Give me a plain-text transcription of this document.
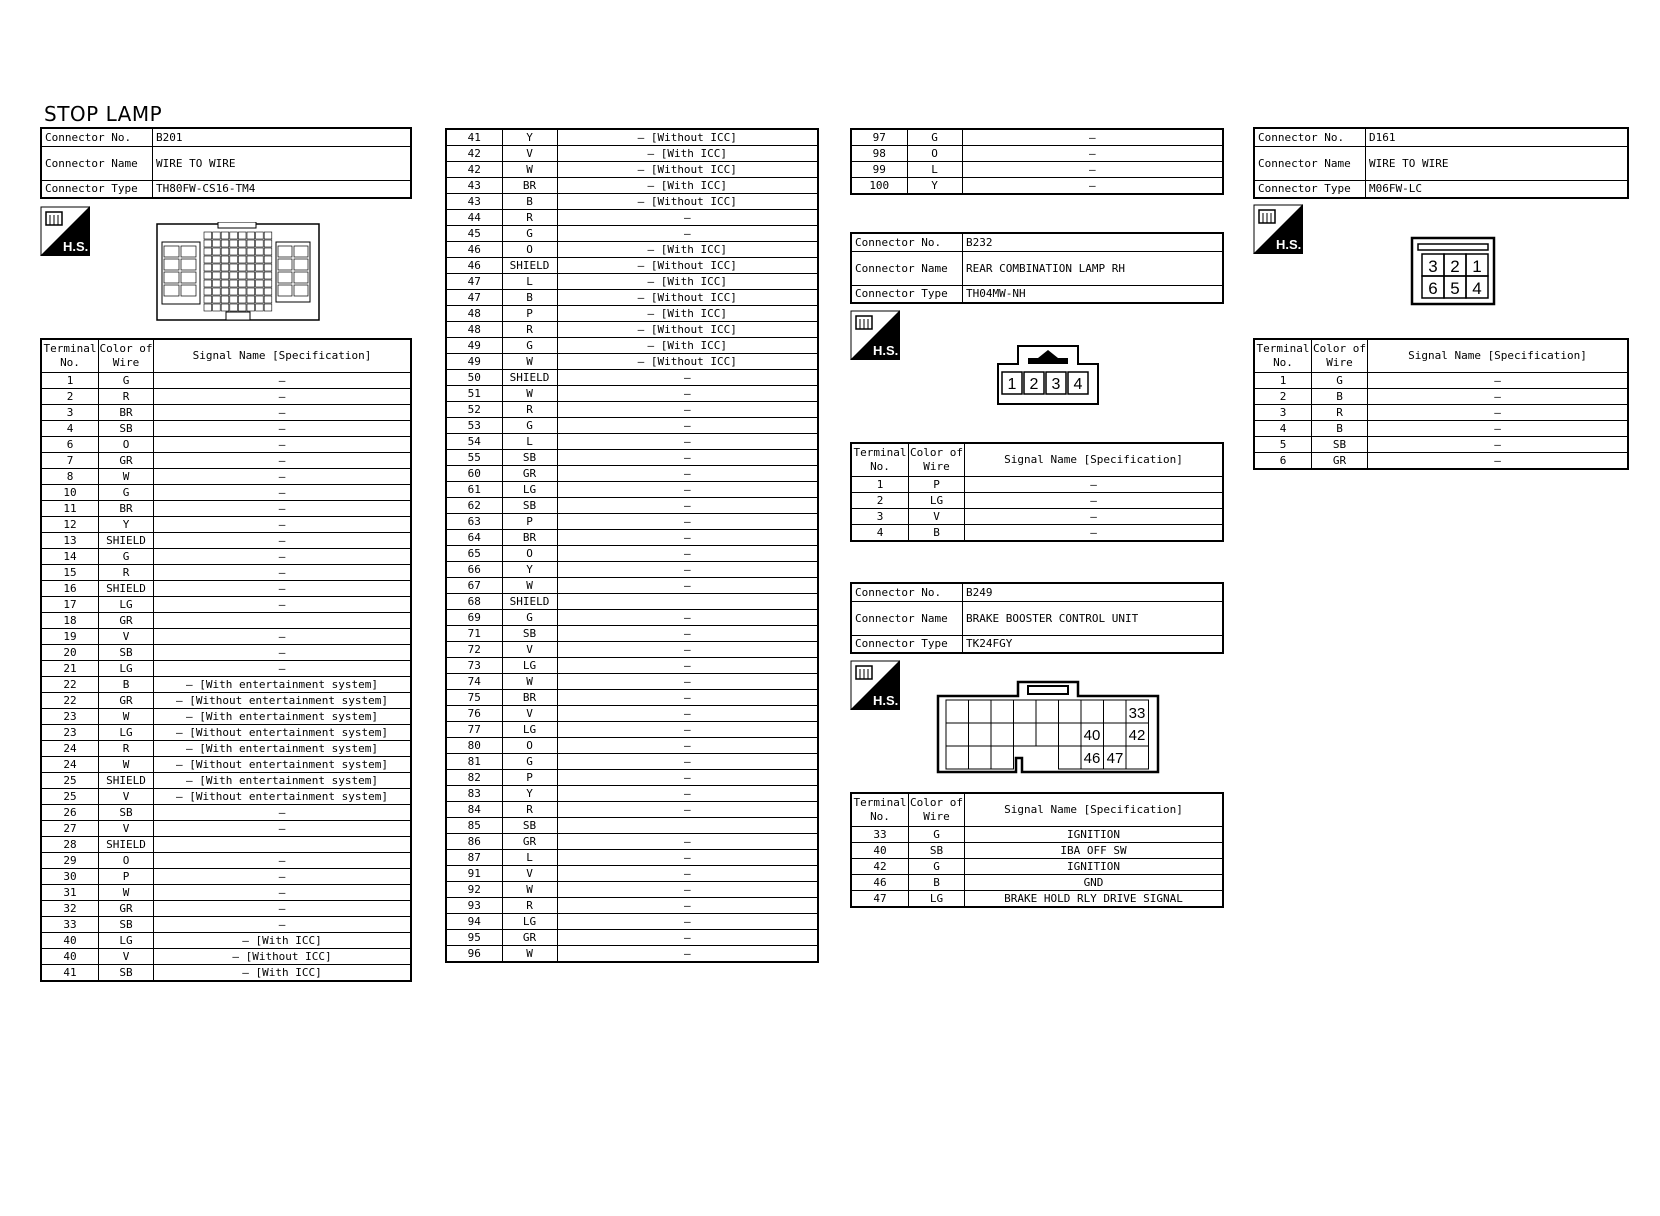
STOP LAMP
Connector No.	B201
Connector Name	WIRE TO WIRE
Connector Type	TH80FW-CS16-TM4
H.S.
Terminal No.	Color of Wire	Signal Name [Specification]
1	G	–
2	R	–
3	BR	–
4	SB	–
6	O	–
7	GR	–
8	W	–
10	G	–
11	BR	–
12	Y	–
13	SHIELD	–
14	G	–
15	R	–
16	SHIELD	–
17	LG	–
18	GR	
19	V	–
20	SB	–
21	LG	–
22	B	– [With entertainment system]
22	GR	– [Without entertainment system]
23	W	– [With entertainment system]
23	LG	– [Without entertainment system]
24	R	– [With entertainment system]
24	W	– [Without entertainment system]
25	SHIELD	– [With entertainment system]
25	V	– [Without entertainment system]
26	SB	–
27	V	–
28	SHIELD	
29	O	–
30	P	–
31	W	–
32	GR	–
33	SB	–
40	LG	– [With ICC]
40	V	– [Without ICC]
41	SB	– [With ICC]
41	Y	– [Without ICC]
42	V	– [With ICC]
42	W	– [Without ICC]
43	BR	– [With ICC]
43	B	– [Without ICC]
44	R	–
45	G	–
46	O	– [With ICC]
46	SHIELD	– [Without ICC]
47	L	– [With ICC]
47	B	– [Without ICC]
48	P	– [With ICC]
48	R	– [Without ICC]
49	G	– [With ICC]
49	W	– [Without ICC]
50	SHIELD	–
51	W	–
52	R	–
53	G	–
54	L	–
55	SB	–
60	GR	–
61	LG	–
62	SB	–
63	P	–
64	BR	–
65	O	–
66	Y	–
67	W	–
68	SHIELD	
69	G	–
71	SB	–
72	V	–
73	LG	–
74	W	–
75	BR	–
76	V	–
77	LG	–
80	O	–
81	G	–
82	P	–
83	Y	–
84	R	–
85	SB	
86	GR	–
87	L	–
91	V	–
92	W	–
93	R	–
94	LG	–
95	GR	–
96	W	–
97	G	–
98	O	–
99	L	–
100	Y	–
Connector No.	B232
Connector Name	REAR COMBINATION LAMP RH
Connector Type	TH04MW-NH
H.S.
1 2 3 4
Terminal No.	Color of Wire	Signal Name [Specification]
1	P	–
2	LG	–
3	V	–
4	B	–
Connector No.	B249
Connector Name	BRAKE BOOSTER CONTROL UNIT
Connector Type	TK24FGY
H.S.
33
40 42
46 47
Terminal No.	Color of Wire	Signal Name [Specification]
33	G	IGNITION
40	SB	IBA OFF SW
42	G	IGNITION
46	B	GND
47	LG	BRAKE HOLD RLY DRIVE SIGNAL
Connector No.	D161
Connector Name	WIRE TO WIRE
Connector Type	M06FW-LC
H.S.
3 2 1
6 5 4
Terminal No.	Color of Wire	Signal Name [Specification]
1	G	–
2	B	–
3	R	–
4	B	–
5	SB	–
6	GR	–
